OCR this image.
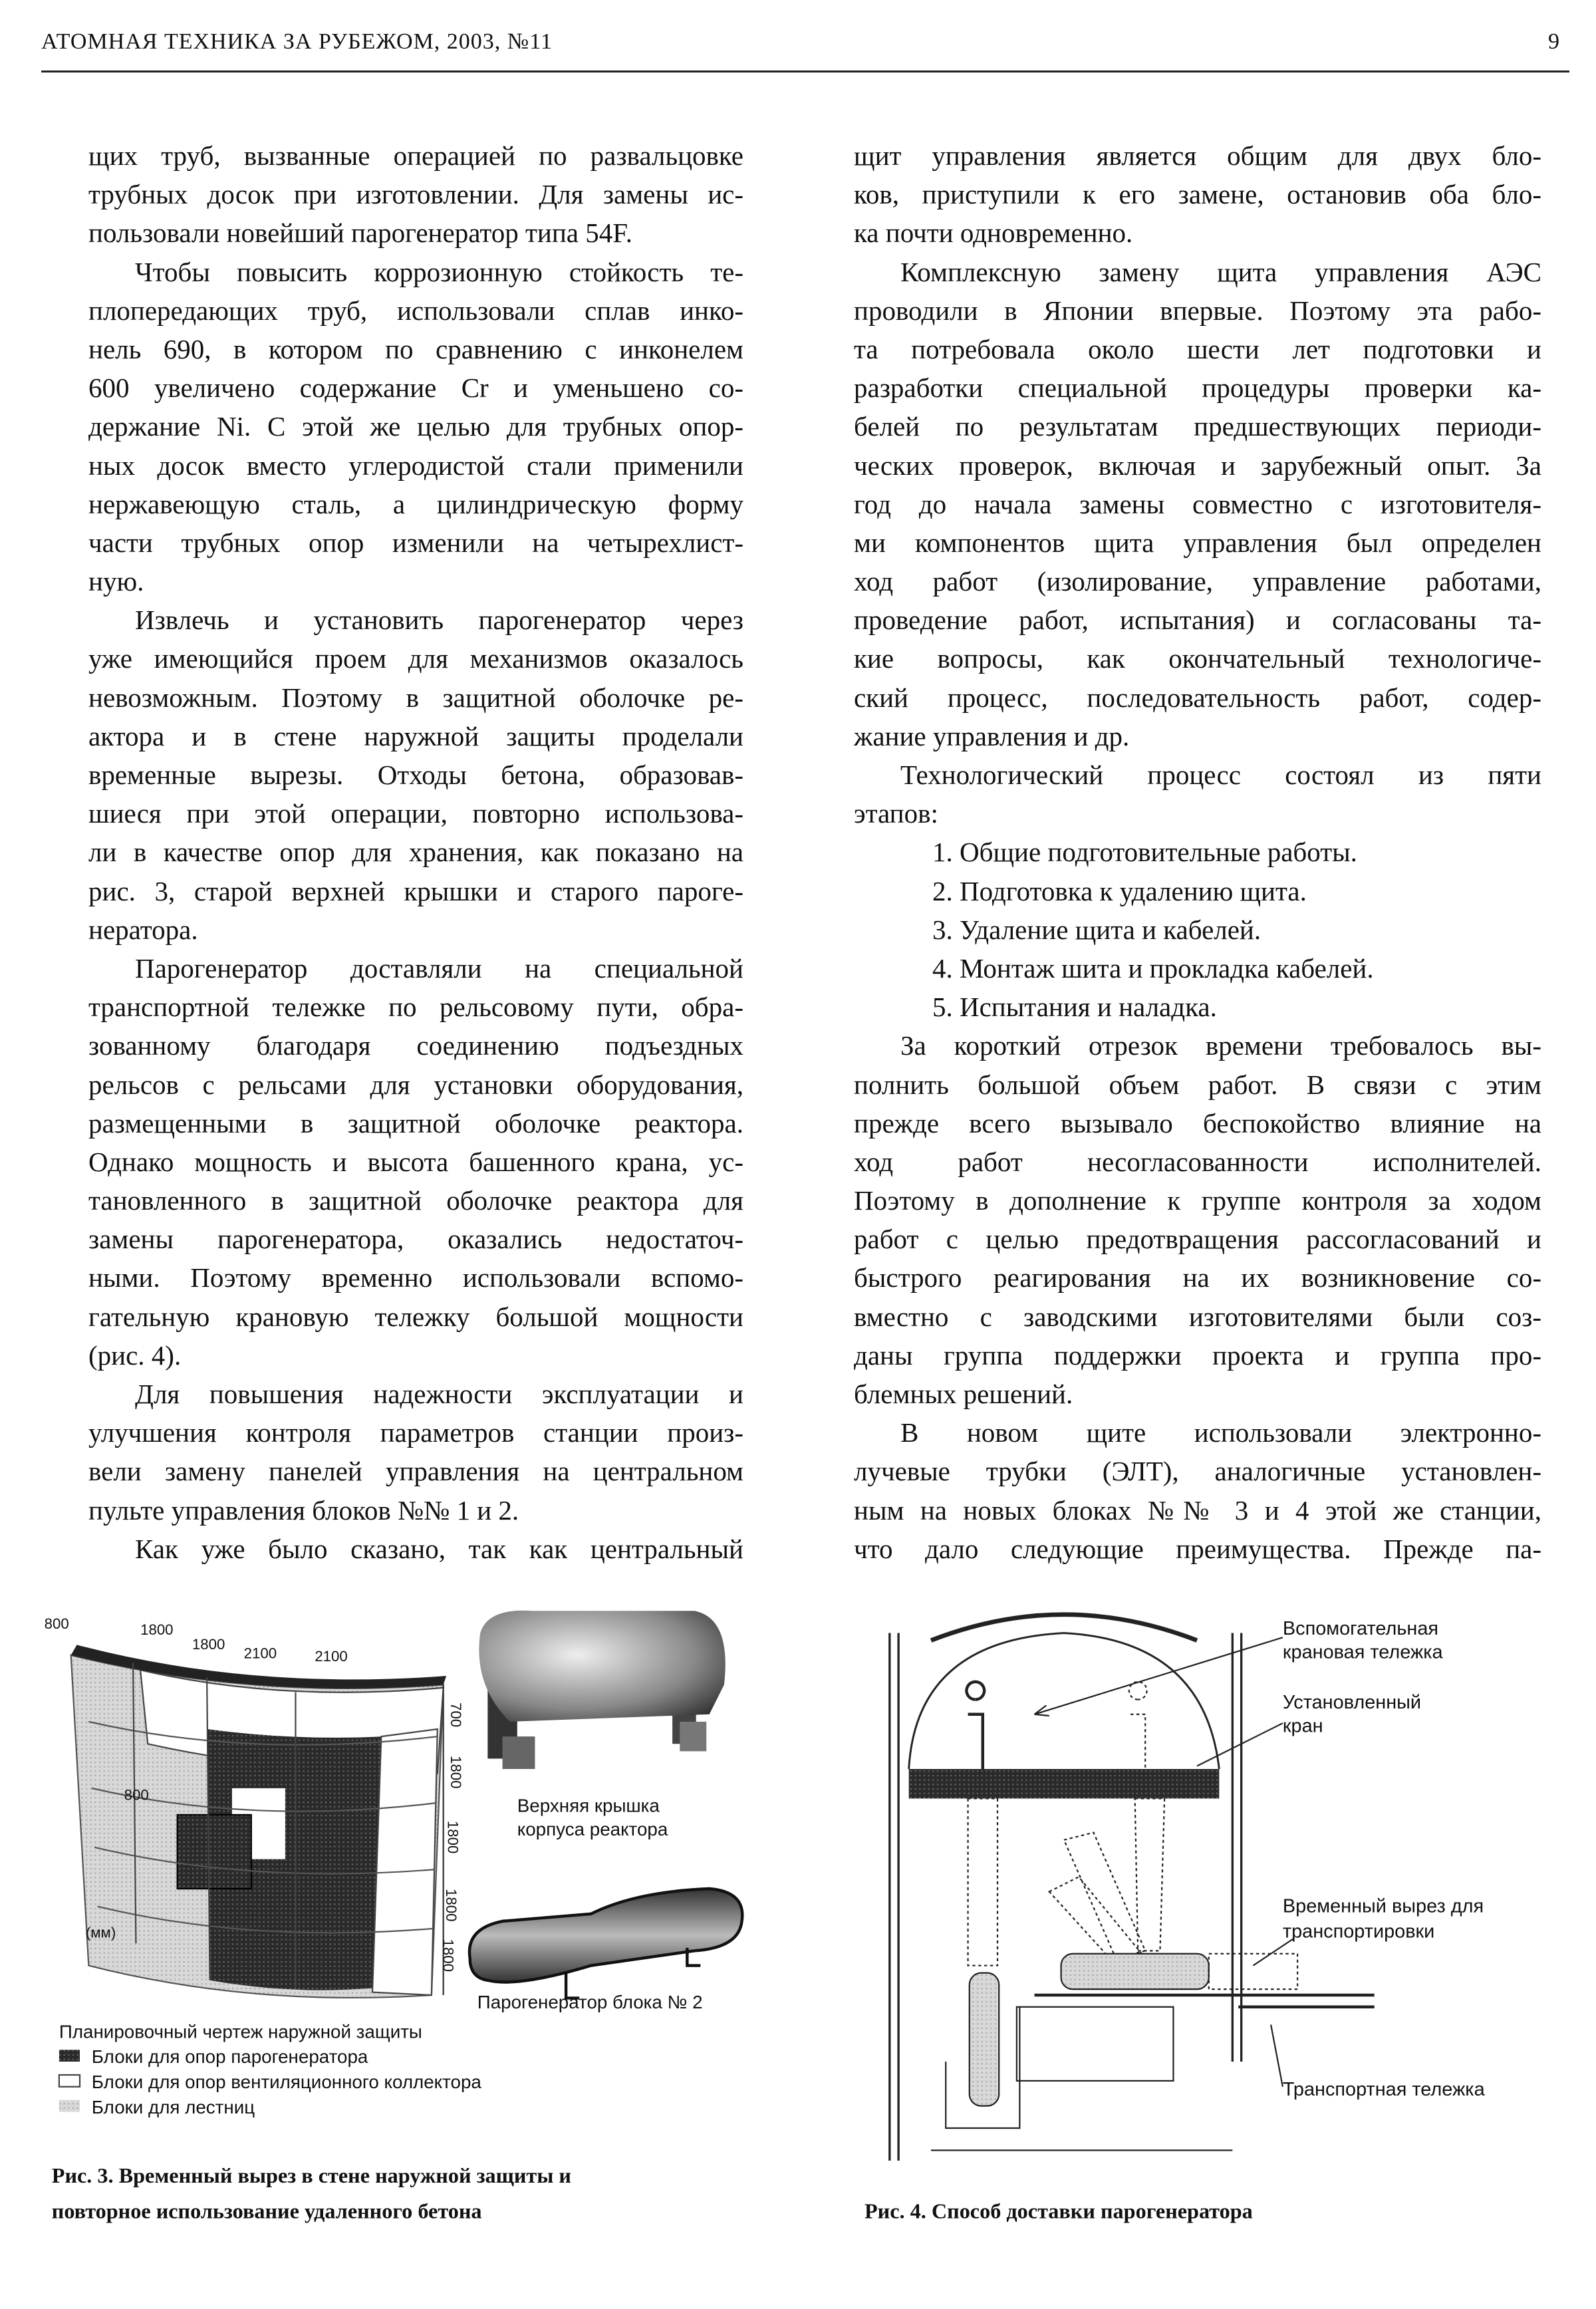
АТОМНАЯ ТЕХНИКА ЗА РУБЕЖОМ, 2003, №11	9
щих труб, вызванные операцией по развальцовке
трубных досок при изготовлении. Для замены ис-
пользовали новейший парогенератор типа 54F.
Чтобы повысить коррозионную стойкость те-
плопередающих труб, использовали сплав инко-
нель 690, в котором по сравнению с инконелем
600 увеличено содержание Cr и уменьшено со-
держание Ni. С этой же целью для трубных опор-
ных досок вместо углеродистой стали применили
нержавеющую сталь, а цилиндрическую форму
части трубных опор изменили на четырехлист-
ную.
Извлечь и установить парогенератор через
уже имеющийся проем для механизмов оказалось
невозможным. Поэтому в защитной оболочке ре-
актора и в стене наружной защиты проделали
временные вырезы. Отходы бетона, образовав-
шиеся при этой операции, повторно использова-
ли в качестве опор для хранения, как показано на
рис. 3, старой верхней крышки и старого пароге-
нератора.
Парогенератор доставляли на специальной
транспортной тележке по рельсовому пути, обра-
зованному благодаря соединению подъездных
рельсов с рельсами для установки оборудования,
размещенными в защитной оболочке реактора.
Однако мощность и высота башенного крана, ус-
тановленного в защитной оболочке реактора для
замены парогенератора, оказались недостаточ-
ными. Поэтому временно использовали вспомо-
гательную крановую тележку большой мощности
(рис. 4).
Для повышения надежности эксплуатации и
улучшения контроля параметров станции произ-
вели замену панелей управления на центральном
пульте управления блоков №№ 1 и 2.
Как уже было сказано, так как центральный
щит управления является общим для двух бло-
ков, приступили к его замене, остановив оба бло-
ка почти одновременно.
Комплексную замену щита управления АЭС
проводили в Японии впервые. Поэтому эта рабо-
та потребовала около шести лет подготовки и
разработки специальной процедуры проверки ка-
белей по результатам предшествующих периоди-
ческих проверок, включая и зарубежный опыт. За
год до начала замены совместно с изготовителя-
ми компонентов щита управления был определен
ход работ (изолирование, управление работами,
проведение работ, испытания) и согласованы та-
кие вопросы, как окончательный технологиче-
ский процесс, последовательность работ, содер-
жание управления и др.
Технологический процесс состоял из пяти
этапов:
1. Общие подготовительные работы.
2. Подготовка к удалению щита.
3. Удаление щита и кабелей.
4. Монтаж шита и прокладка кабелей.
5. Испытания и наладка.
За короткий отрезок времени требовалось вы-
полнить большой объем работ. В связи с этим
прежде всего вызывало беспокойство влияние на
ход работ несогласованности исполнителей.
Поэтому в дополнение к группе контроля за ходом
работ с целью предотвращения рассогласований и
быстрого реагирования на их возникновение со-
вместно с заводскими изготовителями были соз-
даны группа поддержки проекта и группа про-
блемных решений.
В новом щите использовали электронно-
лучевые трубки (ЭЛТ), аналогичные установлен-
ным на новых блоках №№ 3 и 4 этой же станции,
что дало следующие преимущества. Прежде па-
800	1800
1800
2100	2100
700
1800
1800
1800
1800
800
(мм)
Верхняя крышка
корпуса реактора
Парогенератор блока № 2
Планировочный чертеж наружной защиты
Блоки для опор парогенератора
Блоки для опор вентиляционного коллектора
Блоки для лестниц
Рис. 3. Временный вырез в стене наружной защиты и
повторное использование удаленного бетона
Вспомогательная
крановая тележка
Установленный
кран
Временный вырез для
транспортировки
Транспортная тележка
Рис. 4. Способ доставки парогенератора
